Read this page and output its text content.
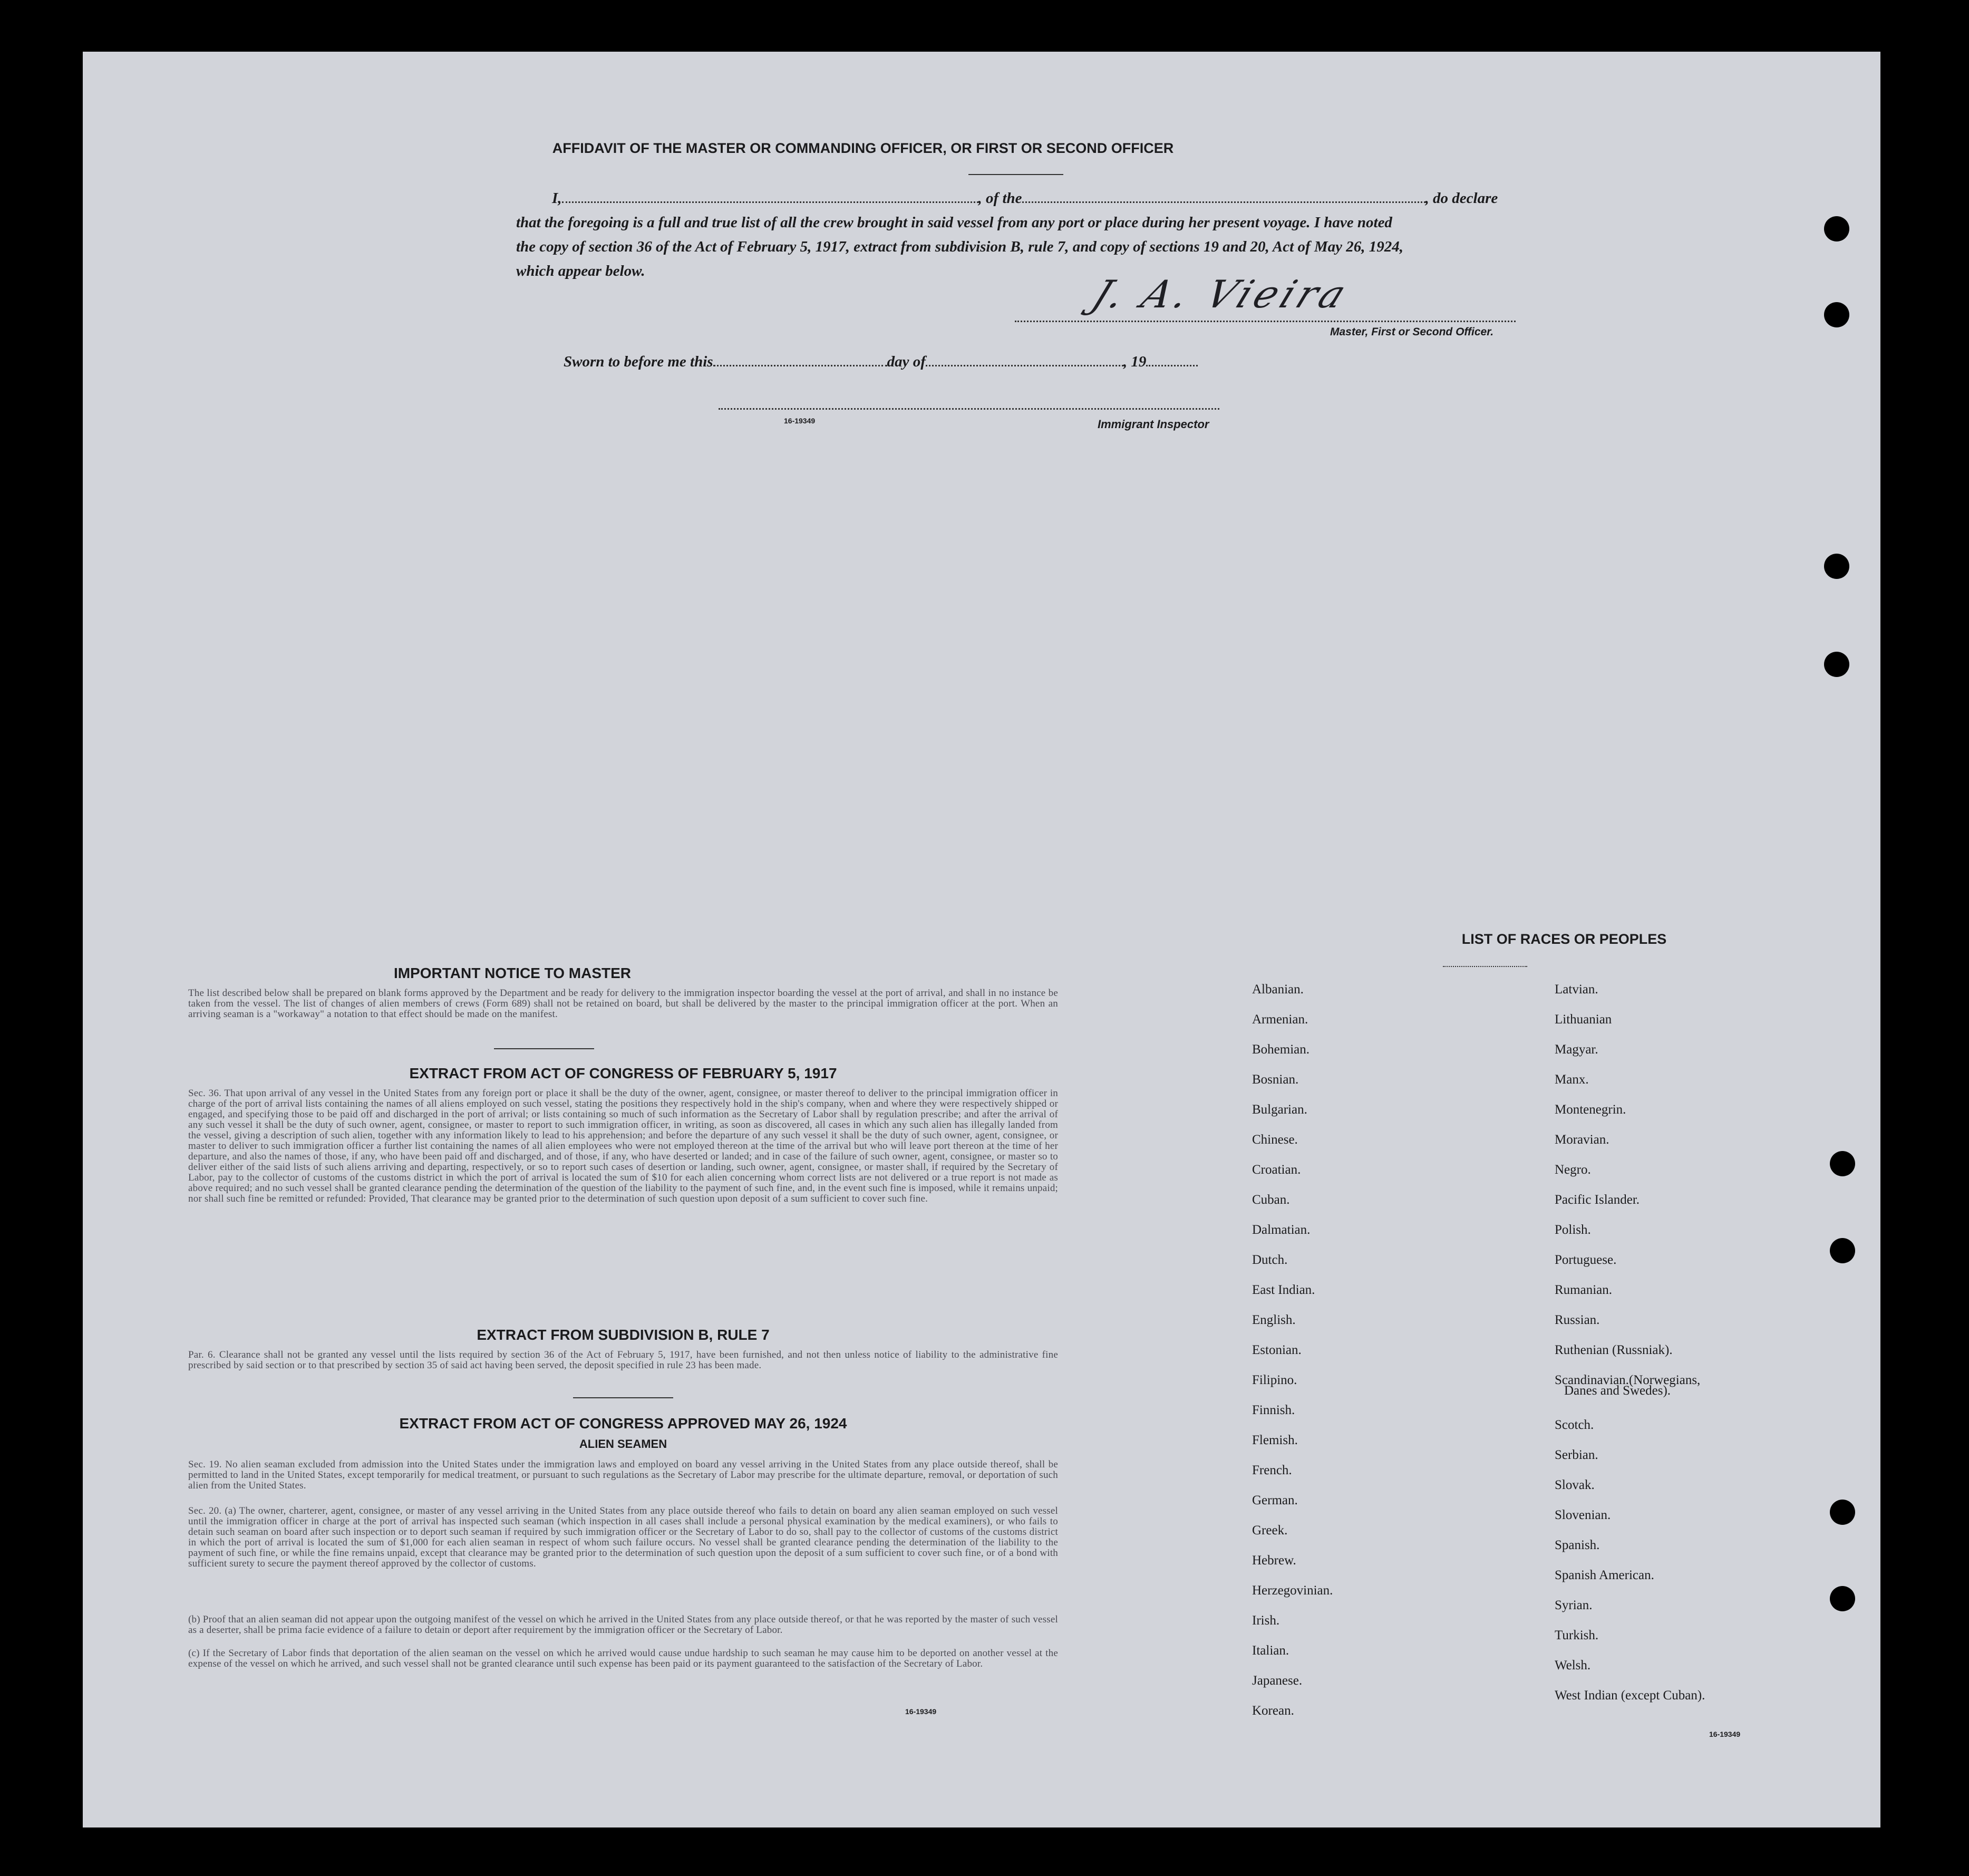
AFFIDAVIT OF THE MASTER OR COMMANDING OFFICER, OR FIRST OR SECOND OFFICER
I,	, of the	, do declare
that the foregoing is a full and true list of all the crew brought in said vessel from any port or place during her present voyage. I have noted
the copy of section 36 of the Act of February 5, 1917, extract from subdivision B, rule 7, and copy of sections 19 and 20, Act of May 26, 1924,
which appear below.
J. A. Vieira
Master, First or Second Officer.
Sworn to before me this	day of	, 19
16-19349	Immigrant Inspector
IMPORTANT NOTICE TO MASTER
The list described below shall be prepared on blank forms approved by the Department and be ready for delivery to the immigration inspector boarding the vessel at the port of arrival, and shall in no instance be taken from the vessel. The list of changes of alien members of crews (Form 689) shall not be retained on board, but shall be delivered by the master to the principal immigration officer at the port. When an arriving seaman is a "workaway" a notation to that effect should be made on the manifest.
EXTRACT FROM ACT OF CONGRESS OF FEBRUARY 5, 1917
Sec. 36. That upon arrival of any vessel in the United States from any foreign port or place it shall be the duty of the owner, agent, consignee, or master thereof to deliver to the principal immigration officer in charge of the port of arrival lists containing the names of all aliens employed on such vessel, stating the positions they respectively hold in the ship's company, when and where they were respectively shipped or engaged, and specifying those to be paid off and discharged in the port of arrival; or lists containing so much of such information as the Secretary of Labor shall by regulation prescribe; and after the arrival of any such vessel it shall be the duty of such owner, agent, consignee, or master to report to such immigration officer, in writing, as soon as discovered, all cases in which any such alien has illegally landed from the vessel, giving a description of such alien, together with any information likely to lead to his apprehension; and before the departure of any such vessel it shall be the duty of such owner, agent, consignee, or master to deliver to such immigration officer a further list containing the names of all alien employees who were not employed thereon at the time of the arrival but who will leave port thereon at the time of her departure, and also the names of those, if any, who have been paid off and discharged, and of those, if any, who have deserted or landed; and in case of the failure of such owner, agent, consignee, or master so to deliver either of the said lists of such aliens arriving and departing, respectively, or so to report such cases of desertion or landing, such owner, agent, consignee, or master shall, if required by the Secretary of Labor, pay to the collector of customs of the customs district in which the port of arrival is located the sum of $10 for each alien concerning whom correct lists are not delivered or a true report is not made as above required; and no such vessel shall be granted clearance pending the determination of the question of the liability to the payment of such fine, and, in the event such fine is imposed, while it remains unpaid; nor shall such fine be remitted or refunded: Provided, That clearance may be granted prior to the determination of such question upon deposit of a sum sufficient to cover such fine.
EXTRACT FROM SUBDIVISION B, RULE 7
Par. 6. Clearance shall not be granted any vessel until the lists required by section 36 of the Act of February 5, 1917, have been furnished, and not then unless notice of liability to the administrative fine prescribed by said section or to that prescribed by section 35 of said act having been served, the deposit specified in rule 23 has been made.
EXTRACT FROM ACT OF CONGRESS APPROVED MAY 26, 1924
ALIEN SEAMEN
Sec. 19. No alien seaman excluded from admission into the United States under the immigration laws and employed on board any vessel arriving in the United States from any place outside thereof, shall be permitted to land in the United States, except temporarily for medical treatment, or pursuant to such regulations as the Secretary of Labor may prescribe for the ultimate departure, removal, or deportation of such alien from the United States.
Sec. 20. (a) The owner, charterer, agent, consignee, or master of any vessel arriving in the United States from any place outside thereof who fails to detain on board any alien seaman employed on such vessel until the immigration officer in charge at the port of arrival has inspected such seaman (which inspection in all cases shall include a personal physical examination by the medical examiners), or who fails to detain such seaman on board after such inspection or to deport such seaman if required by such immigration officer or the Secretary of Labor to do so, shall pay to the collector of customs of the customs district in which the port of arrival is located the sum of $1,000 for each alien seaman in respect of whom such failure occurs. No vessel shall be granted clearance pending the determination of the liability to the payment of such fine, or while the fine remains unpaid, except that clearance may be granted prior to the determination of such question upon the deposit of a sum sufficient to cover such fine, or of a bond with sufficient surety to secure the payment thereof approved by the collector of customs.
(b) Proof that an alien seaman did not appear upon the outgoing manifest of the vessel on which he arrived in the United States from any place outside thereof, or that he was reported by the master of such vessel as a deserter, shall be prima facie evidence of a failure to detain or deport after requirement by the immigration officer or the Secretary of Labor.
(c) If the Secretary of Labor finds that deportation of the alien seaman on the vessel on which he arrived would cause undue hardship to such seaman he may cause him to be deported on another vessel at the expense of the vessel on which he arrived, and such vessel shall not be granted clearance until such expense has been paid or its payment guaranteed to the satisfaction of the Secretary of Labor.
16-19349
LIST OF RACES OR PEOPLES
Albanian.
Armenian.
Bohemian.
Bosnian.
Bulgarian.
Chinese.
Croatian.
Cuban.
Dalmatian.
Dutch.
East Indian.
English.
Estonian.
Filipino.
Finnish.
Flemish.
French.
German.
Greek.
Hebrew.
Herzegovinian.
Irish.
Italian.
Japanese.
Korean.
Latvian.
Lithuanian
Magyar.
Manx.
Montenegrin.
Moravian.
Negro.
Pacific Islander.
Polish.
Portuguese.
Rumanian.
Russian.
Ruthenian (Russniak).
Scandinavian.(Norwegians,
Danes and Swedes).
Scotch.
Serbian.
Slovak.
Slovenian.
Spanish.
Spanish American.
Syrian.
Turkish.
Welsh.
West Indian (except Cuban).
16-19349
